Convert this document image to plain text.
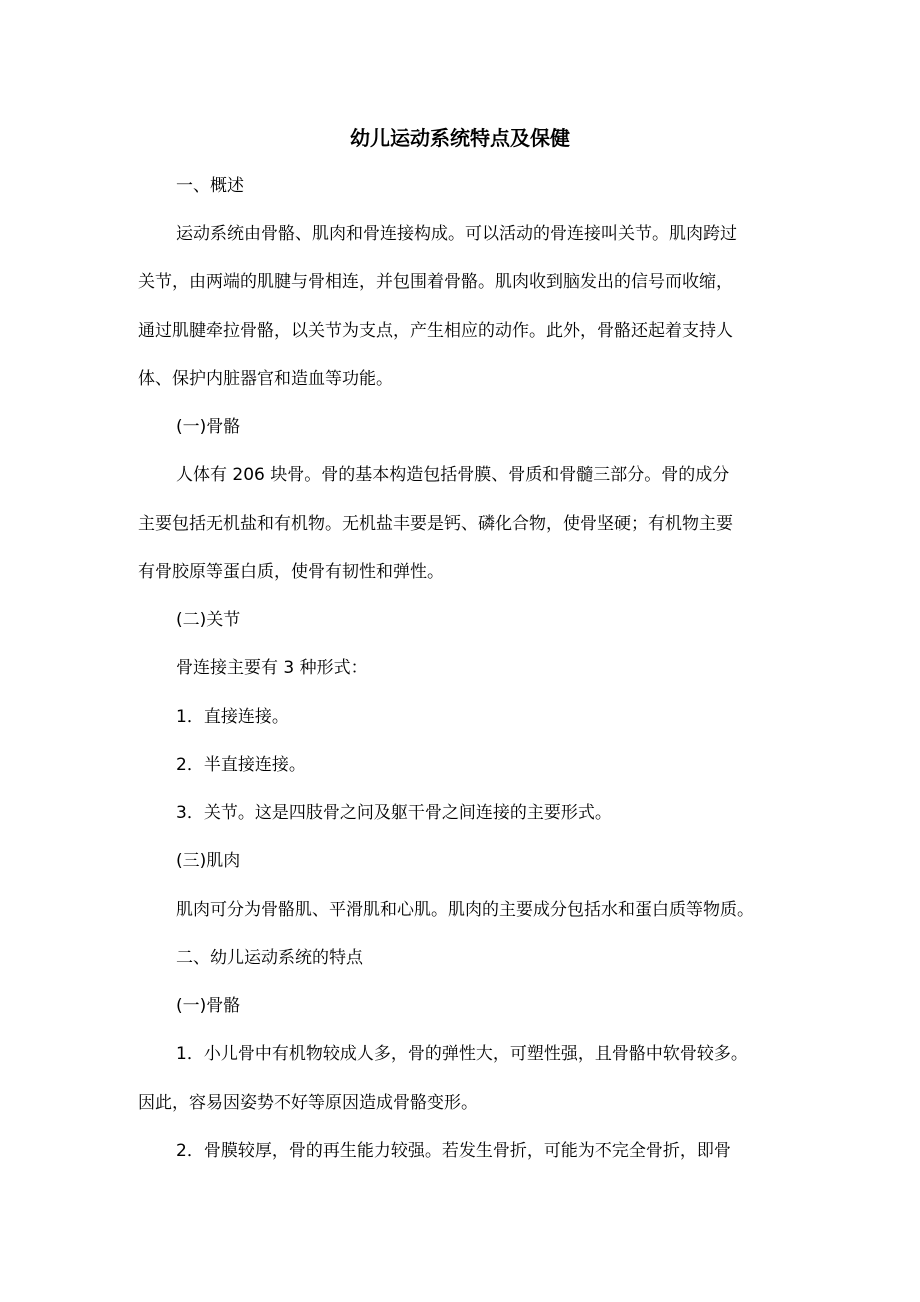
幼儿运动系统特点及保健
一、概述
运动系统由骨骼、肌肉和骨连接构成。可以活动的骨连接叫关节。肌肉跨过
关节，由两端的肌腱与骨相连，并包围着骨骼。肌肉收到脑发出的信号而收缩，
通过肌腱牵拉骨骼，以关节为支点，产生相应的动作。此外，骨骼还起着支持人
体、保护内脏器官和造血等功能。
(一)骨骼
人体有 206 块骨。骨的基本构造包括骨膜、骨质和骨髓三部分。骨的成分
主要包括无机盐和有机物。无机盐丰要是钙、磷化合物，使骨坚硬；有机物主要
有骨胶原等蛋白质，使骨有韧性和弹性。
(二)关节
骨连接主要有 3 种形式：
1．直接连接。
2．半直接连接。
3．关节。这是四肢骨之问及躯干骨之间连接的主要形式。
(三)肌肉
肌肉可分为骨骼肌、平滑肌和心肌。肌肉的主要成分包括水和蛋白质等物质。
二、幼儿运动系统的特点
(一)骨骼
1．小儿骨中有机物较成人多，骨的弹性大，可塑性强，且骨骼中软骨较多。
因此，容易因姿势不好等原因造成骨骼变形。
2．骨膜较厚，骨的再生能力较强。若发生骨折，可能为不完全骨折，即骨
